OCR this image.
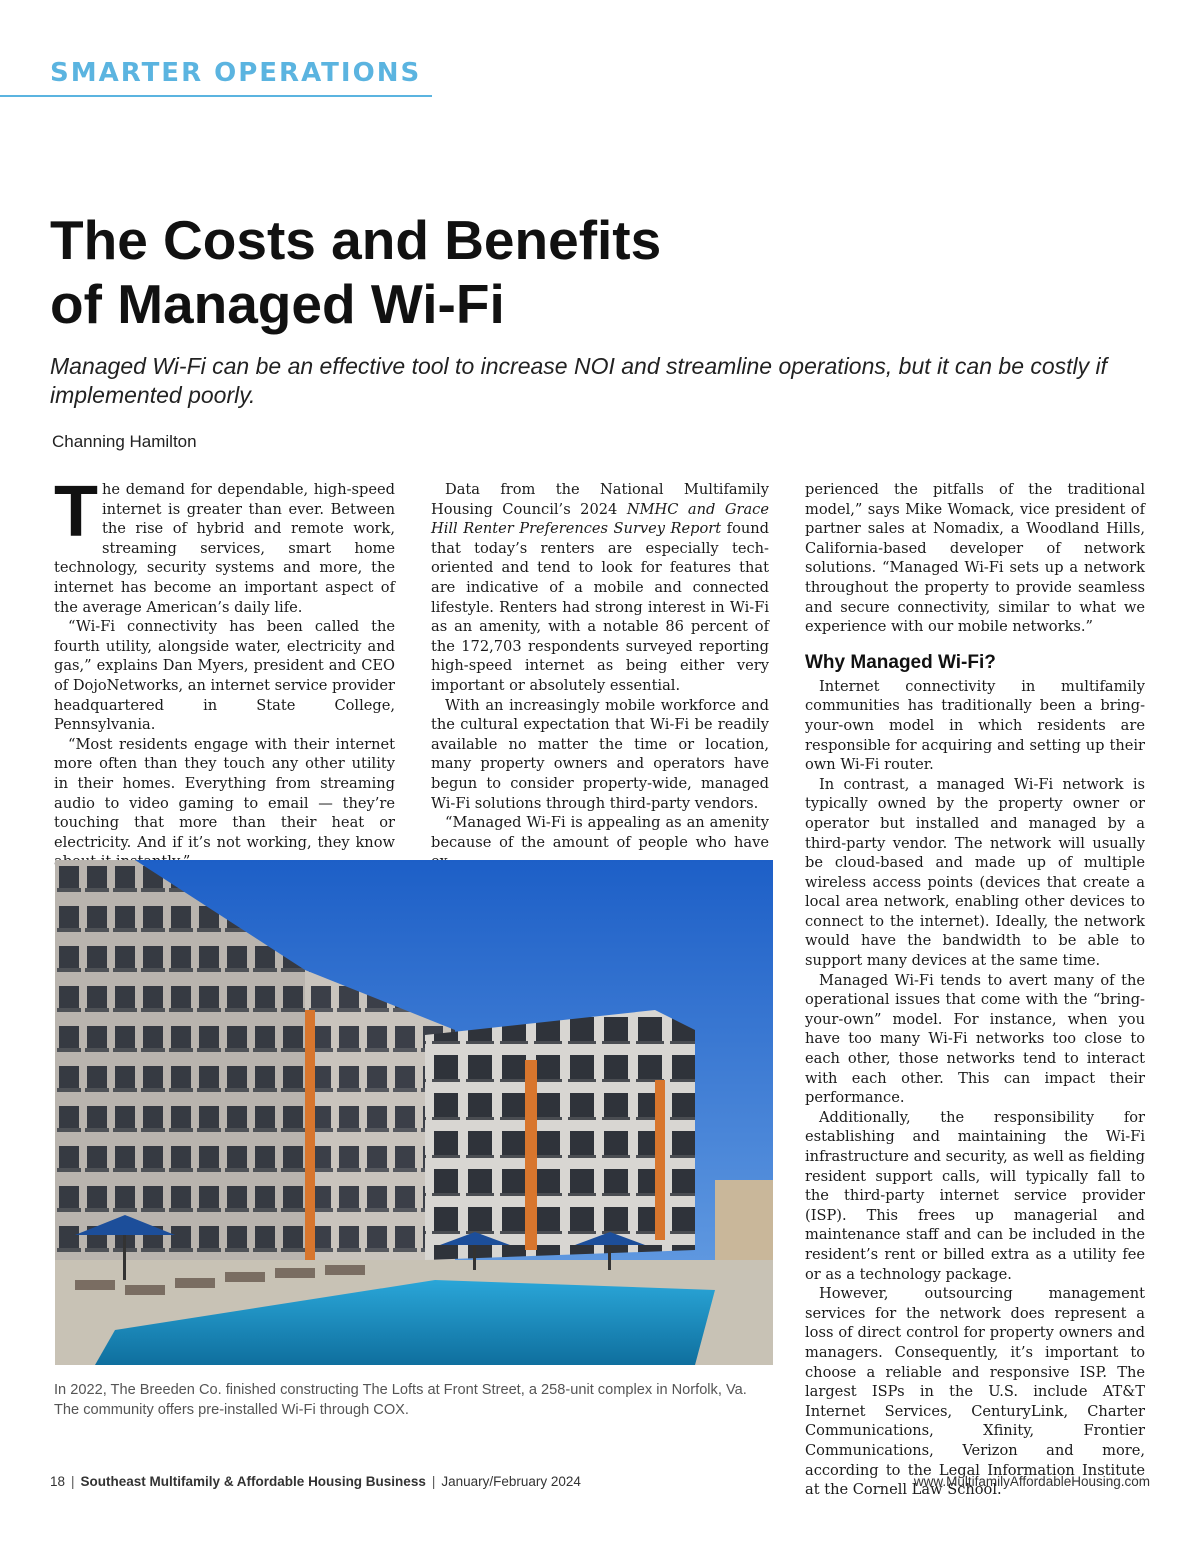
SMARTER OPERATIONS
The Costs and Benefits
of Managed Wi-Fi
Managed Wi-Fi can be an effective tool to increase NOI and streamline operations, but it can be costly if implemented poorly.
Channing Hamilton

The demand for dependable, high-speed internet is greater than ever. Between the rise of hybrid and remote work, streaming services, smart home technology, security systems and more, the internet has become an important aspect of the average American’s daily life.

“Wi-Fi connectivity has been called the fourth utility, alongside water, electricity and gas,” explains Dan Myers, president and CEO of DojoNetworks, an internet service provider headquartered in State College, Pennsylvania.

“Most residents engage with their internet more often than they touch any other utility in their homes. Everything from streaming audio to video gaming to email — they’re touching that more than their heat or electricity. And if it’s not working, they know

Data from the National Multifamily Housing Council’s 2024 NMHC and Grace Hill Renter Preferences Survey Report found that today’s renters are especially tech-oriented and tend to look for features that are indicative of a mobile and connected lifestyle. Renters had strong interest in Wi-Fi as an amenity, with a notable 86 percent of the 172,703 respondents surveyed reporting high-speed internet as being either very important or absolutely essential.

With an increasingly mobile workforce and the cultural expectation that Wi-Fi be readily available no matter the time or location, many property owners and operators have begun to consider property-wide, managed Wi-Fi solutions through third-party vendors.

“Managed Wi-Fi is appealing as an amenity because of the amount of people who have

perienced the pitfalls of the traditional model,” says Mike Womack, vice president of partner sales at Nomadix, a Woodland Hills, California-based developer of network solutions. “Managed Wi-Fi sets up a network throughout the property to provide seamless and secure connectivity, similar to what we experience with our mobile networks.”

Why Managed Wi-Fi?

Internet connectivity in multifamily communities has traditionally been a bring-your-own model in which residents are responsible for acquiring and setting up their own Wi-Fi router.

In contrast, a managed Wi-Fi network is typically owned by the property owner or operator but installed and managed by a third-party vendor. The network will usually be cloud-based and made up of multiple wireless access points (devices that create a local area network, enabling other devices to connect to the internet). Ideally, the network would have the bandwidth to be able to support many devices at the same time.

Managed Wi-Fi tends to avert many of the operational issues that come with the “bring-your-own” model. For instance, when you have too many Wi-Fi networks too close to each other, those networks tend to interact with each other. This can impact their performance.

Additionally, the responsibility for establishing and maintaining the Wi-Fi infrastructure and security, as well as fielding resident support calls, will typically fall to the third-party internet service provider (ISP). This frees up managerial and maintenance staff and can be included in the resident’s rent or billed extra as a utility fee or as a technology package.

However, outsourcing management services for the network does represent a loss of direct control for property owners and managers. Consequently, it’s important to choose a reliable and responsive ISP. The largest ISPs in the U.S. include AT&T Internet Services, CenturyLink, Charter Communications, Xfinity, Frontier Communications, Verizon and more, according to the Legal Information Institute at the Cornell Law School.

In 2022, The Breeden Co. finished constructing The Lofts at Front Street, a 258-unit complex in Norfolk, Va. The community offers pre-installed Wi-Fi through COX.
18 | Southeast Multifamily & Affordable Housing Business | January/February 2024	www.MultifamilyAffordableHousing.com
